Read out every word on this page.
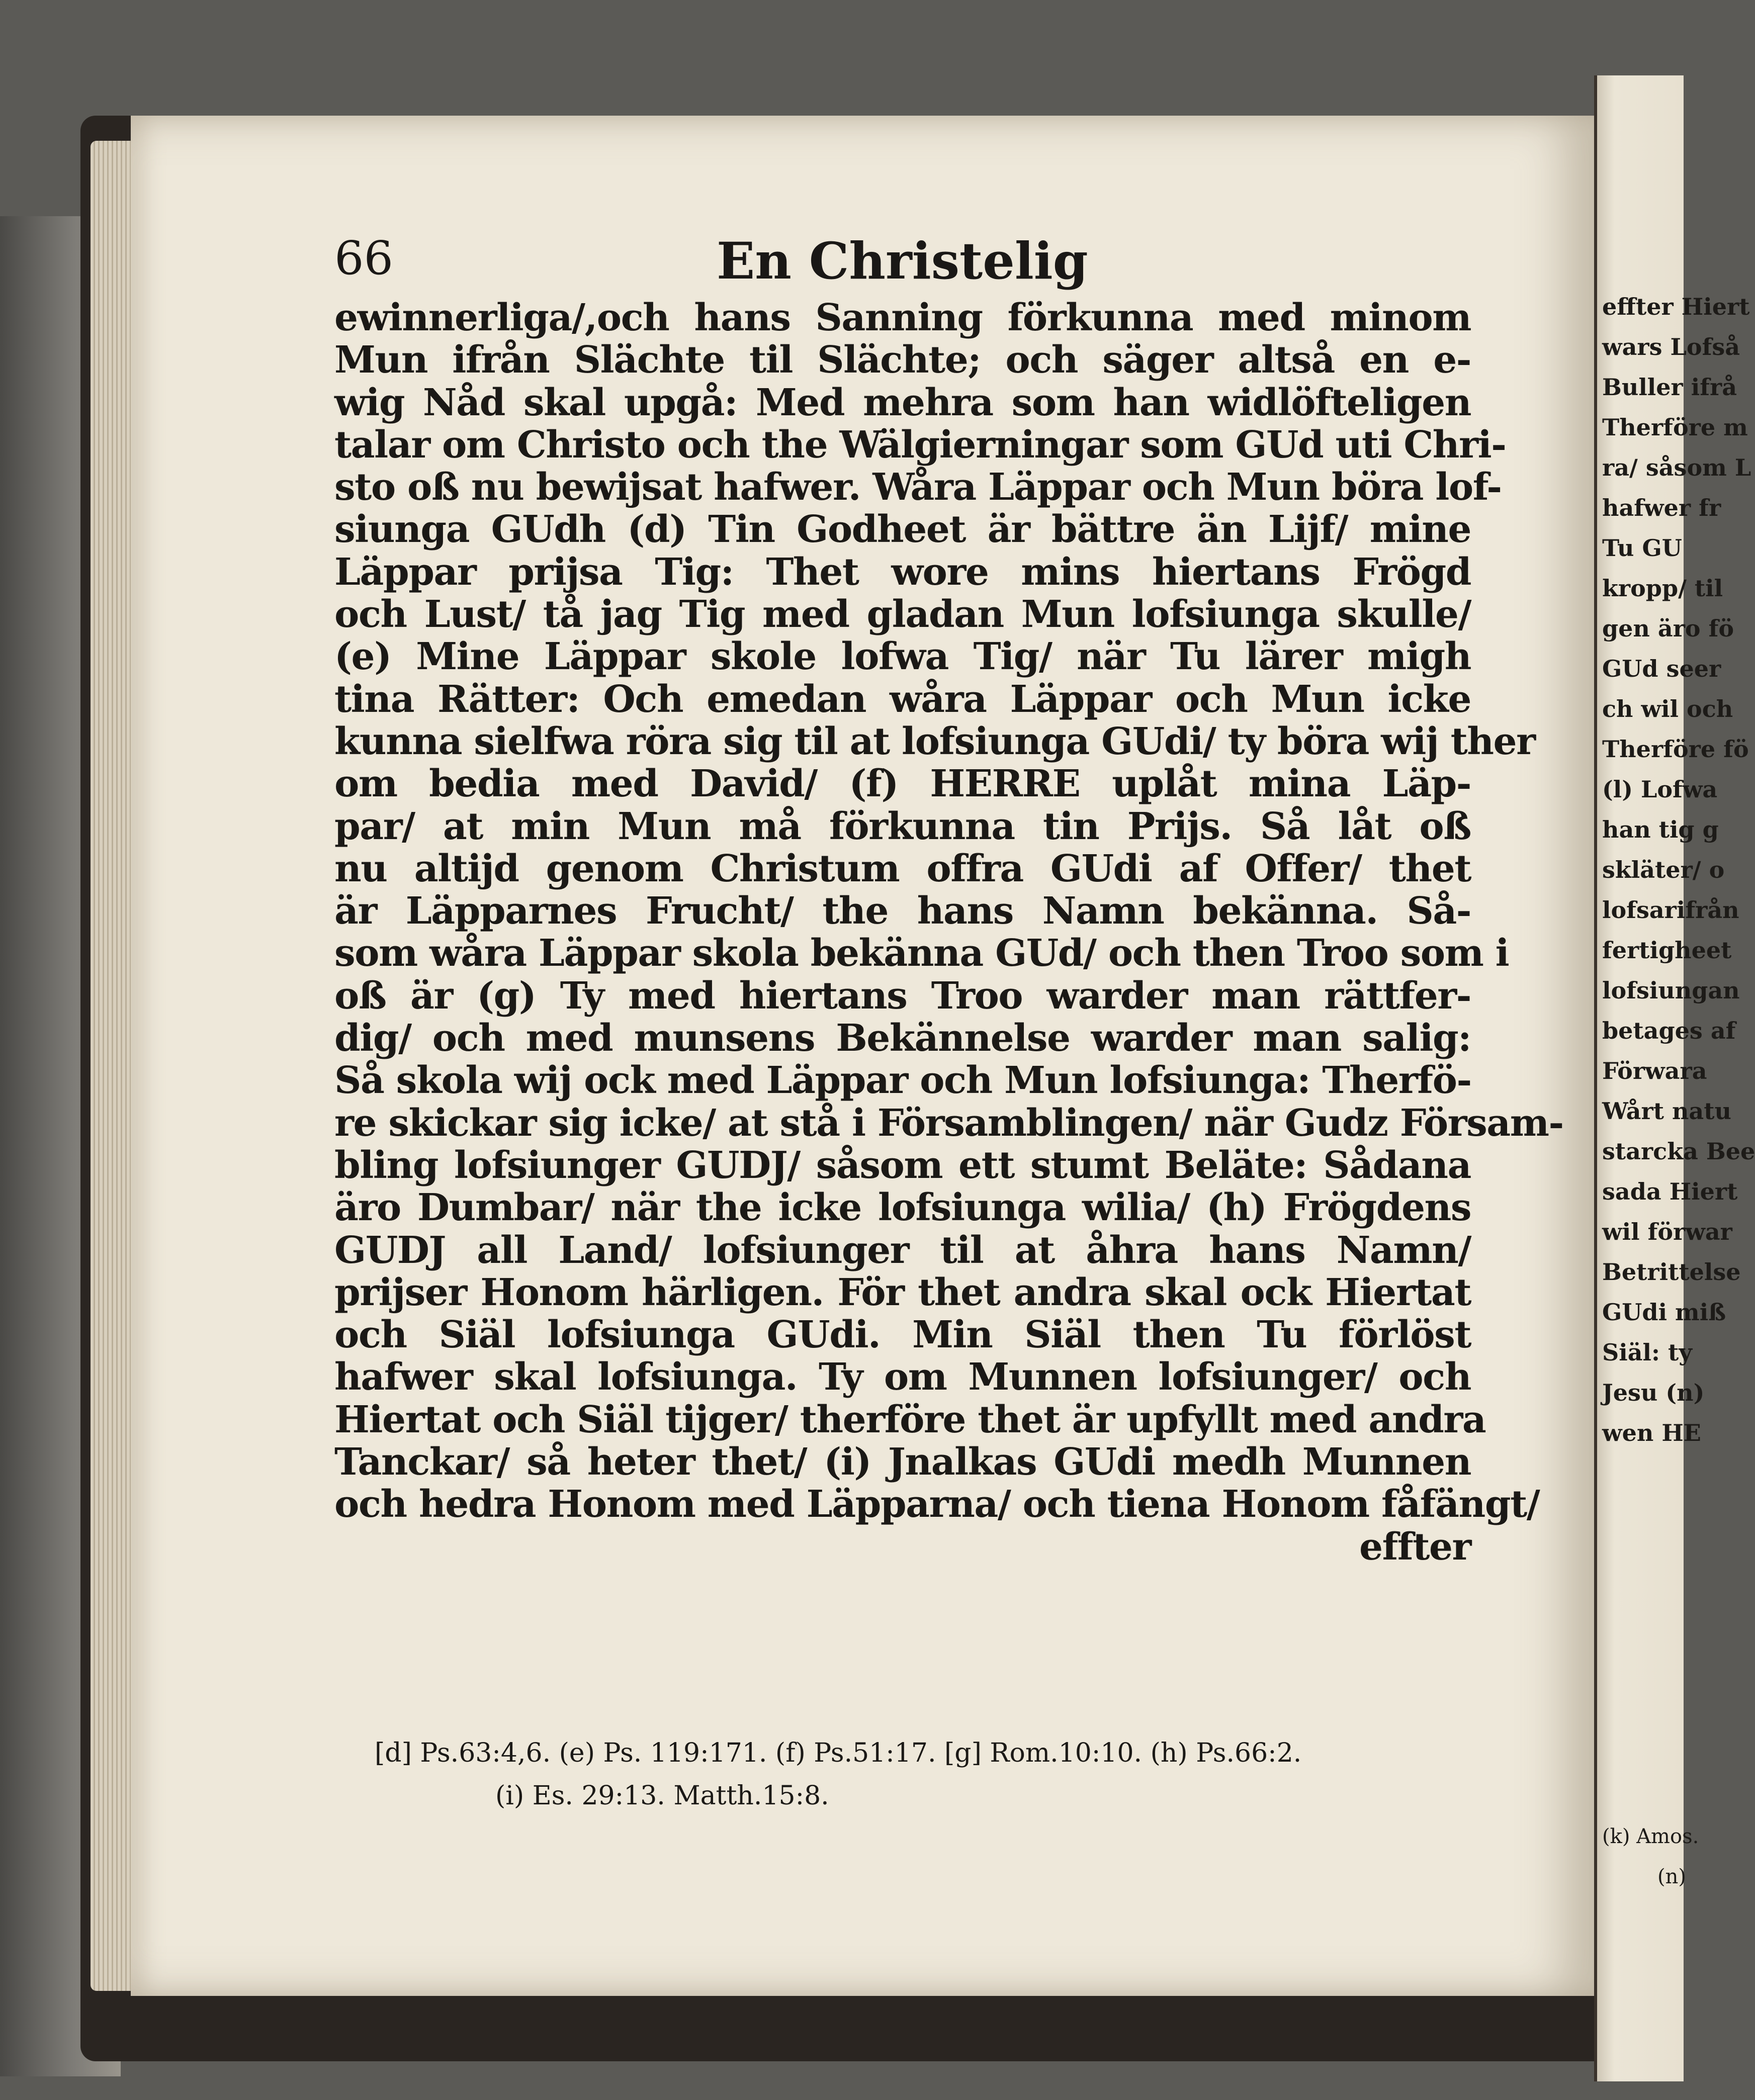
66	En Christelig
ewinnerliga/,och hans Sanning förkunna med minom
Mun ifrån Slächte til Slächte; och säger altså en e-
wig Nåd skal upgå: Med mehra som han widlöfteligen
talar om Christo och the Wälgierningar som GUd uti Chri-
sto oß nu bewijsat hafwer. Wåra Läppar och Mun böra lof-
siunga GUdh (d) Tin Godheet är bättre än Lijf/ mine
Läppar prijsa Tig: Thet wore mins hiertans Frögd
och Lust/ tå jag Tig med gladan Mun lofsiunga skulle/
(e) Mine Läppar skole lofwa Tig/ när Tu lärer migh
tina Rätter: Och emedan wåra Läppar och Mun icke
kunna sielfwa röra sig til at lofsiunga GUdi/ ty böra wij ther
om bedia med David/ (f) HERRE uplåt mina Läp-
par/ at min Mun må förkunna tin Prijs. Så låt oß
nu altijd genom Christum offra GUdi af Offer/ thet
är Läpparnes Frucht/ the hans Namn bekänna. Så-
som wåra Läppar skola bekänna GUd/ och then Troo som i
oß är (g) Ty med hiertans Troo warder man rättfer-
dig/ och med munsens Bekännelse warder man salig:
Så skola wij ock med Läppar och Mun lofsiunga: Therfö-
re skickar sig icke/ at stå i Församblingen/ när Gudz Försam-
bling lofsiunger GUDJ/ såsom ett stumt Beläte: Sådana
äro Dumbar/ när the icke lofsiunga wilia/ (h) Frögdens
GUDJ all Land/ lofsiunger til at åhra hans Namn/
prijser Honom härligen. För thet andra skal ock Hiertat
och Siäl lofsiunga GUdi. Min Siäl then Tu förlöst
hafwer skal lofsiunga. Ty om Munnen lofsiunger/ och
Hiertat och Siäl tijger/ therföre thet är upfyllt med andra
Tanckar/ så heter thet/ (i) Jnalkas GUdi medh Munnen
och hedra Honom med Läpparna/ och tiena Honom fåfängt/
effter
[d] Ps.63:4,6. (e) Ps. 119:171. (f) Ps.51:17. [g] Rom.10:10. (h) Ps.66:2.
(i) Es. 29:13. Matth.15:8.
effter Hiert
wars Lofså
Buller ifrå
Therföre m
ra/ såsom L
hafwer fr
Tu GU
kropp/ til
gen äro fö
GUd seer
ch wil och
Therföre fö
(l) Lofwa
han tig g
skläter/ o
lofsarifrån
fertigheet
lofsiungan
betages af
Förwara
Wårt natu
starcka Bee
sada Hiert
wil förwar
Betrittelse
GUdi miß
Siäl: ty
Jesu (n)
wen HE
(k) Amos.
(n)
